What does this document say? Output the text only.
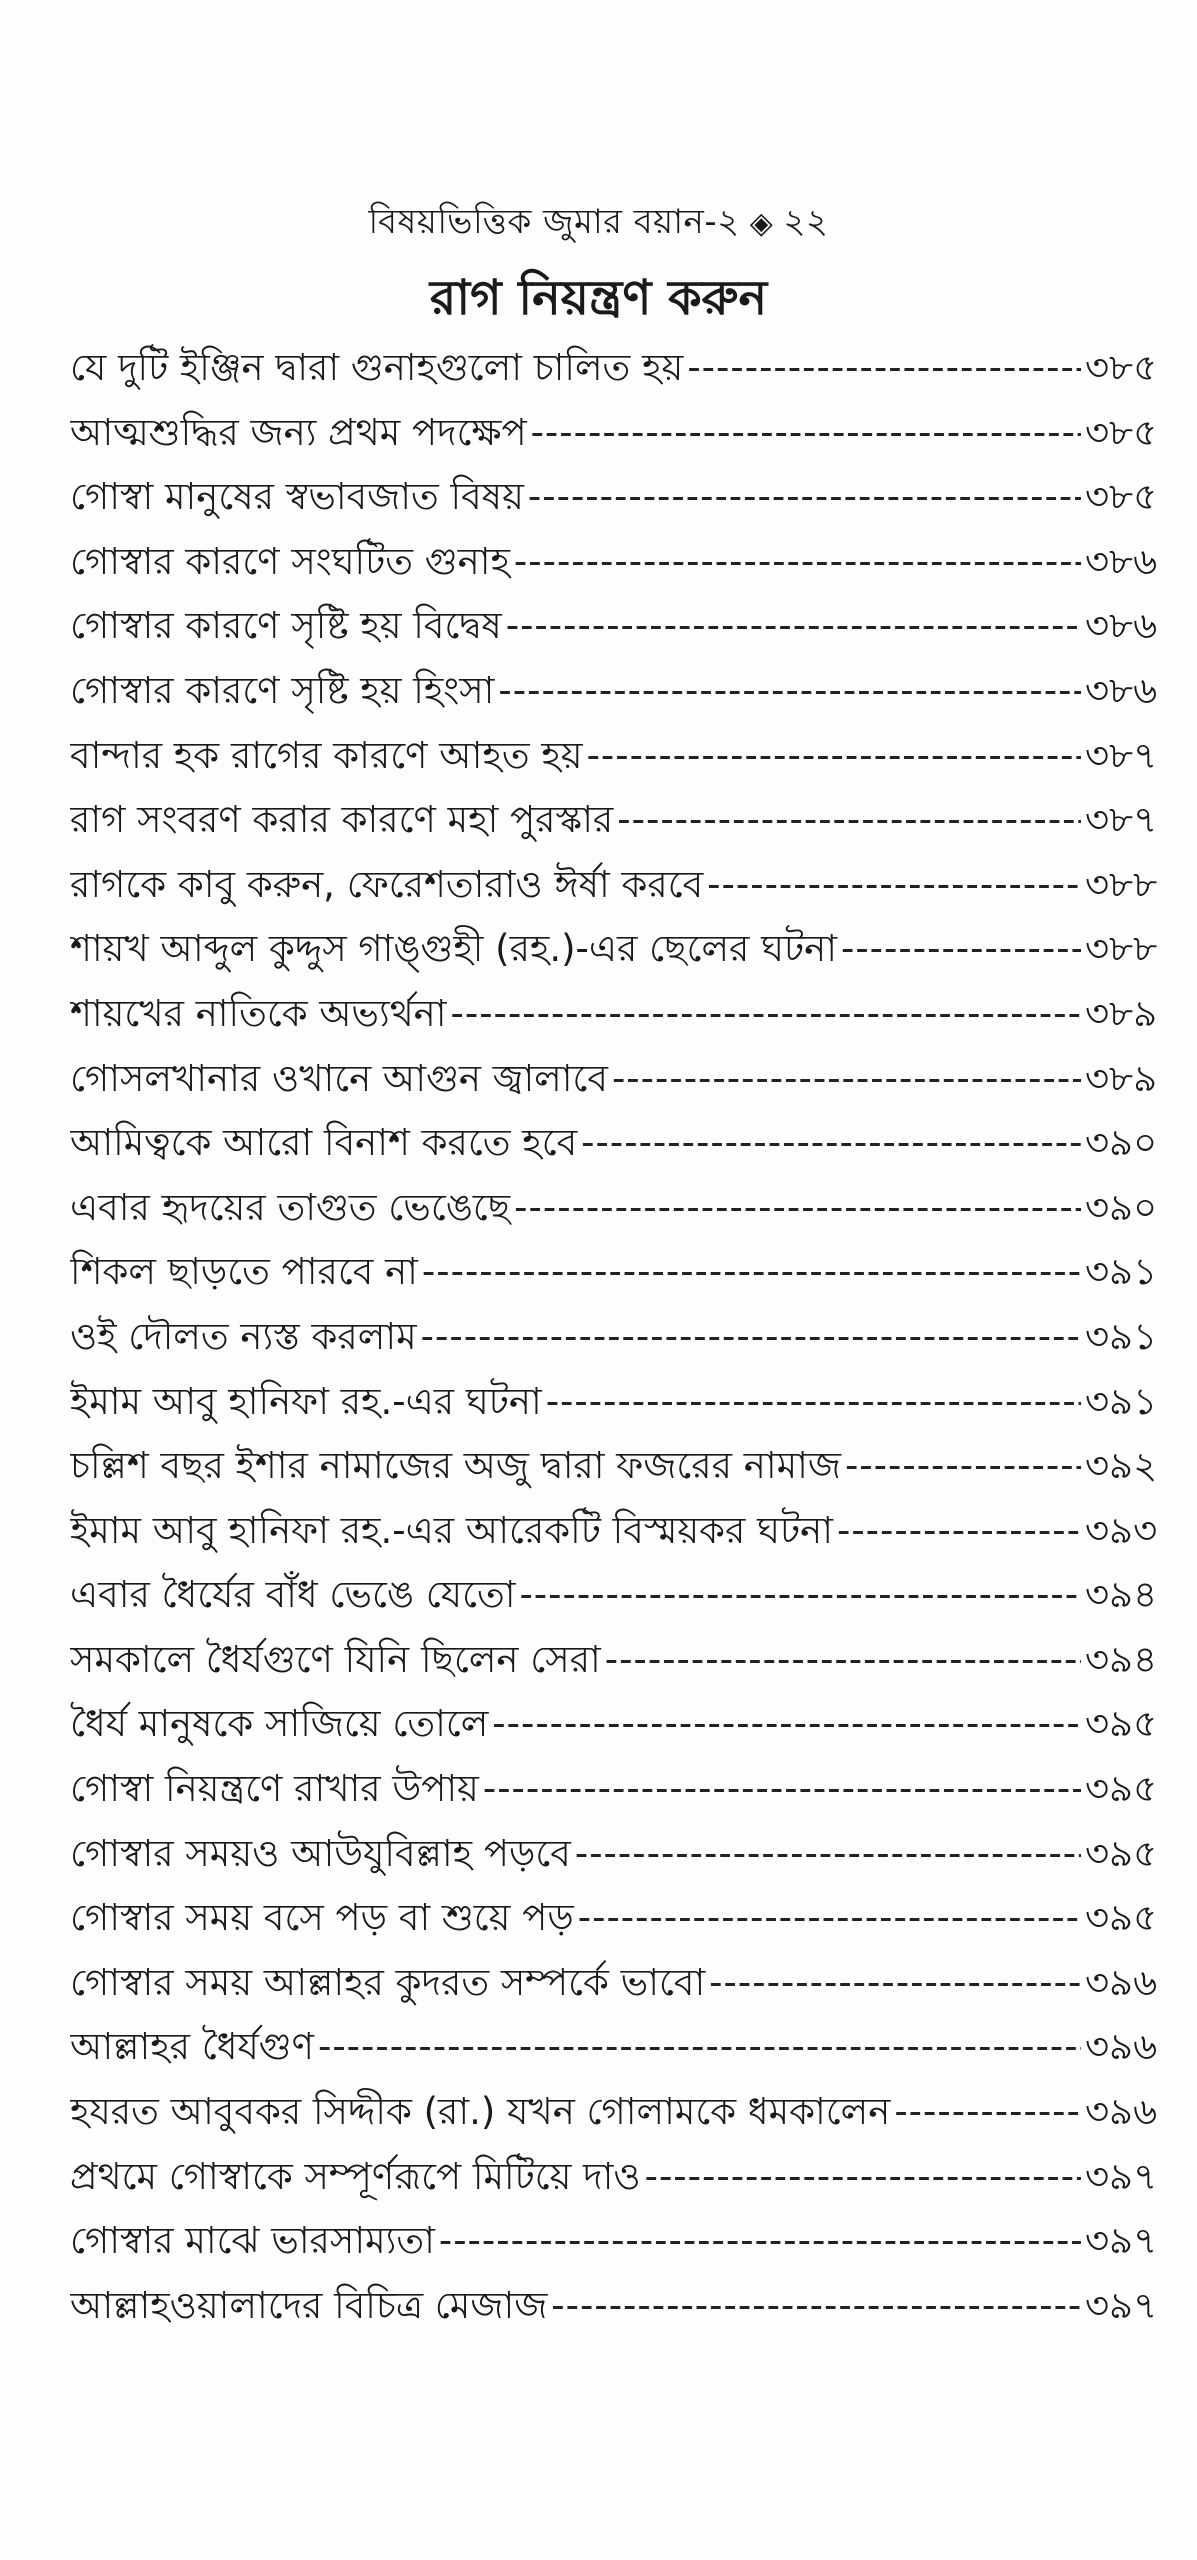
বিষয়ভিত্তিক জুমার বয়ান-২ ◈ ২২
রাগ নিয়ন্ত্রণ করুন
যে দুটি ইঞ্জিন দ্বারা গুনাহগুলো চালিত হয় -----	৩৮৫
আত্মশুদ্ধির জন্য প্রথম পদক্ষেপ -----	৩৮৫
গোস্বা মানুষের স্বভাবজাত বিষয় -----	৩৮৫
গোস্বার কারণে সংঘটিত গুনাহ -----	৩৮৬
গোস্বার কারণে সৃষ্টি হয় বিদ্বেষ -----	৩৮৬
গোস্বার কারণে সৃষ্টি হয় হিংসা -----	৩৮৬
বান্দার হক রাগের কারণে আহত হয় -----	৩৮৭
রাগ সংবরণ করার কারণে মহা পুরস্কার -----	৩৮৭
রাগকে কাবু করুন, ফেরেশতারাও ঈর্ষা করবে -----	৩৮৮
শায়খ আব্দুল কুদ্দুস গাঙ্গুহী (রহ.)-এর ছেলের ঘটনা -----	৩৮৮
শায়খের নাতিকে অভ্যর্থনা -----	৩৮৯
গোসলখানার ওখানে আগুন জ্বালাবে -----	৩৮৯
আমিত্বকে আরো বিনাশ করতে হবে -----	৩৯০
এবার হৃদয়ের তাগুত ভেঙেছে -----	৩৯০
শিকল ছাড়তে পারবে না -----	৩৯১
ওই দৌলত ন্যস্ত করলাম -----	৩৯১
ইমাম আবু হানিফা রহ.-এর ঘটনা -----	৩৯১
চল্লিশ বছর ইশার নামাজের অজু দ্বারা ফজরের নামাজ -----	৩৯২
ইমাম আবু হানিফা রহ.-এর আরেকটি বিস্ময়কর ঘটনা -----	৩৯৩
এবার ধৈর্যের বাঁধ ভেঙে যেতো -----	৩৯৪
সমকালে ধৈর্যগুণে যিনি ছিলেন সেরা -----	৩৯৪
ধৈর্য মানুষকে সাজিয়ে তোলে -----	৩৯৫
গোস্বা নিয়ন্ত্রণে রাখার উপায় -----	৩৯৫
গোস্বার সময়ও আউযুবিল্লাহ পড়বে -----	৩৯৫
গোস্বার সময় বসে পড় বা শুয়ে পড় -----	৩৯৫
গোস্বার সময় আল্লাহর কুদরত সম্পর্কে ভাবো -----	৩৯৬
আল্লাহর ধৈর্যগুণ -----	৩৯৬
হযরত আবুবকর সিদ্দীক (রা.) যখন গোলামকে ধমকালেন -----	৩৯৬
প্রথমে গোস্বাকে সম্পূর্ণরূপে মিটিয়ে দাও -----	৩৯৭
গোস্বার মাঝে ভারসাম্যতা -----	৩৯৭
আল্লাহওয়ালাদের বিচিত্র মেজাজ -----	৩৯৭
